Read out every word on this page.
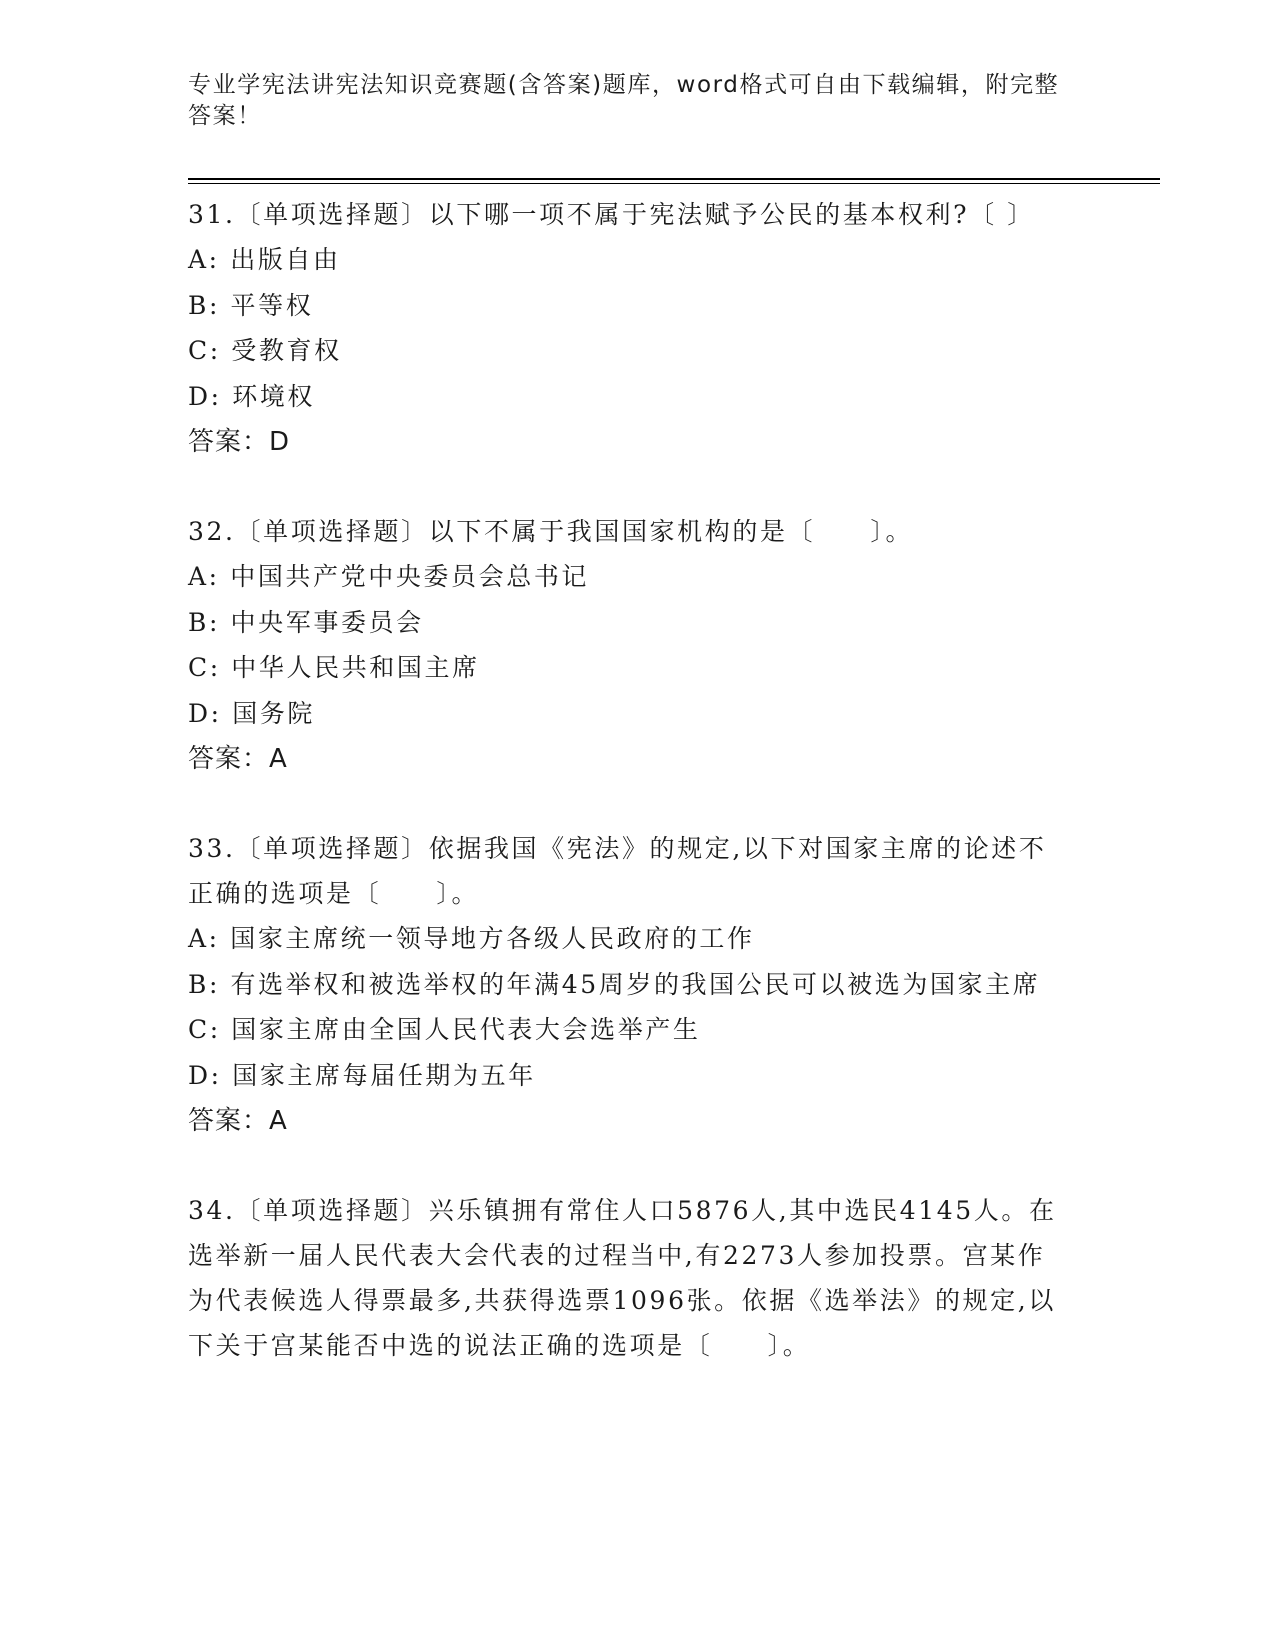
专业学宪法讲宪法知识竞赛题(含答案)题库，word格式可自由下载编辑，附完整答案！

31.〔单项选择题〕以下哪一项不属于宪法赋予公民的基本权利?〔 〕

A: 出版自由

B: 平等权

C: 受教育权

D: 环境权

答案：D

32.〔单项选择题〕以下不属于我国国家机构的是〔　　〕。

A: 中国共产党中央委员会总书记

B: 中央军事委员会

C: 中华人民共和国主席

D: 国务院

答案：A

33.〔单项选择题〕依据我国《宪法》的规定,以下对国家主席的论述不正确的选项是〔　　〕。

A: 国家主席统一领导地方各级人民政府的工作

B: 有选举权和被选举权的年满45周岁的我国公民可以被选为国家主席

C: 国家主席由全国人民代表大会选举产生

D: 国家主席每届任期为五年

答案：A

34.〔单项选择题〕兴乐镇拥有常住人口5876人,其中选民4145人。在选举新一届人民代表大会代表的过程当中,有2273人参加投票。宫某作为代表候选人得票最多,共获得选票1096张。依据《选举法》的规定,以下关于宫某能否中选的说法正确的选项是〔　　〕。
